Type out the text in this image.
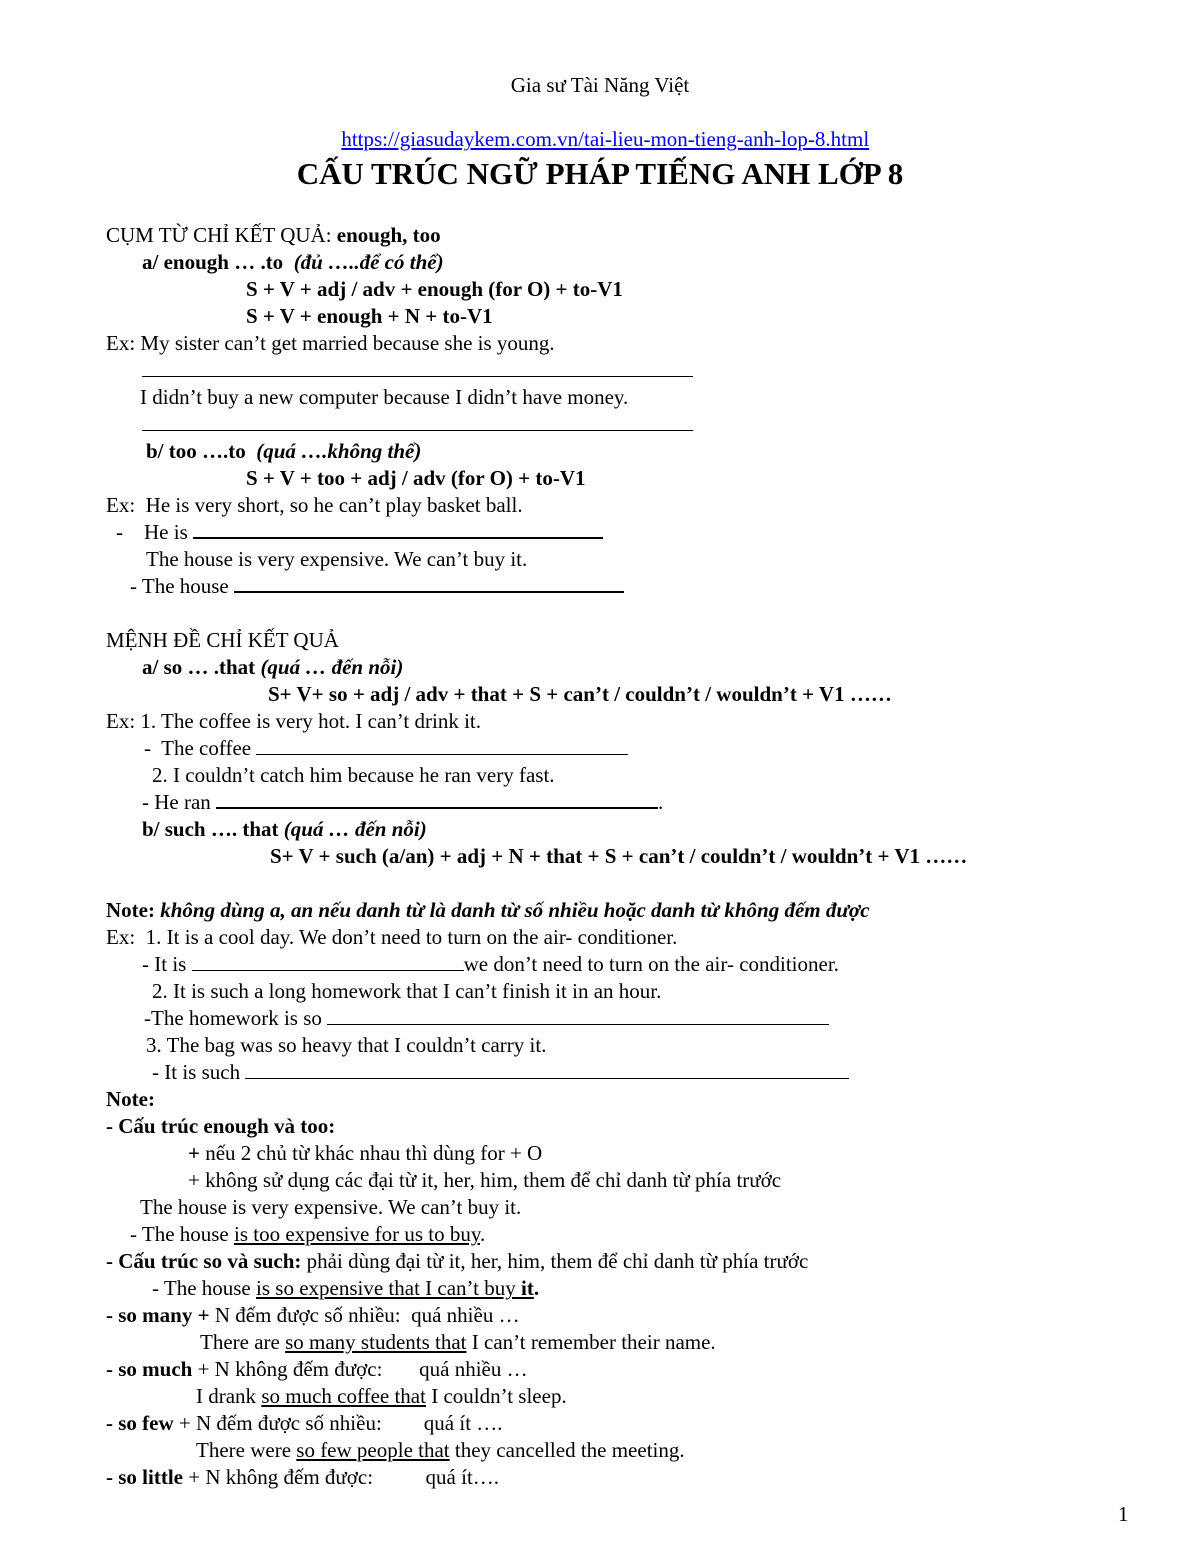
Gia sư Tài Năng Việt

https://giasudaykem.com.vn/tai-lieu-mon-tieng-anh-lop-8.html

CẤU TRÚC NGỮ PHÁP TIẾNG ANH LỚP 8
CỤM TỪ CHỈ KẾT QUẢ: enough, too
a/ enough … .to  (đủ …..để có thể)
S + V + adj / adv + enough (for O) + to-V1
S + V + enough + N + to-V1
Ex: My sister can’t get married because she is young.
I didn’t buy a new computer because I didn’t have money.
b/ too ….to  (quá ….không thể)
S + V + too + adj / adv (for O) + to-V1
Ex:  He is very short, so he can’t play basket ball.
-    He is
The house is very expensive. We can’t buy it.
- The house
MỆNH ĐỀ CHỈ KẾT QUẢ
a/ so … .that (quá … đến nỗi)
S+ V+ so + adj / adv + that + S + can’t / couldn’t / wouldn’t + V1 ……
Ex: 1. The coffee is very hot. I can’t drink it.
-  The coffee
2. I couldn’t catch him because he ran very fast.
- He ran	.
b/ such …. that (quá … đến nỗi)
S+ V + such (a/an) + adj + N + that + S + can’t / couldn’t / wouldn’t + V1 ……
Note: không dùng a, an nếu danh từ là danh từ số nhiều hoặc danh từ không đếm được
Ex:  1. It is a cool day. We don’t need to turn on the air- conditioner.
- It is	we don’t need to turn on the air- conditioner.
2. It is such a long homework that I can’t finish it in an hour.
-The homework is so
3. The bag was so heavy that I couldn’t carry it.
- It is such
Note:
- Cấu trúc enough và too:
+ nếu 2 chủ từ khác nhau thì dùng for + O
+ không sử dụng các đại từ it, her, him, them để chỉ danh từ phía trước
The house is very expensive. We can’t buy it.
- The house is too expensive for us to buy.
- Cấu trúc so và such: phải dùng đại từ it, her, him, them để chỉ danh từ phía trước
- The house is so expensive that I can’t buy it.
- so many + N đếm được số nhiều:  quá nhiều …
There are so many students that I can’t remember their name.
- so much + N không đếm được:       quá nhiều …
I drank so much coffee that I couldn’t sleep.
- so few + N đếm được số nhiều:        quá ít ….
There were so few people that they cancelled the meeting.
- so little + N không đếm được:          quá ít….
1
